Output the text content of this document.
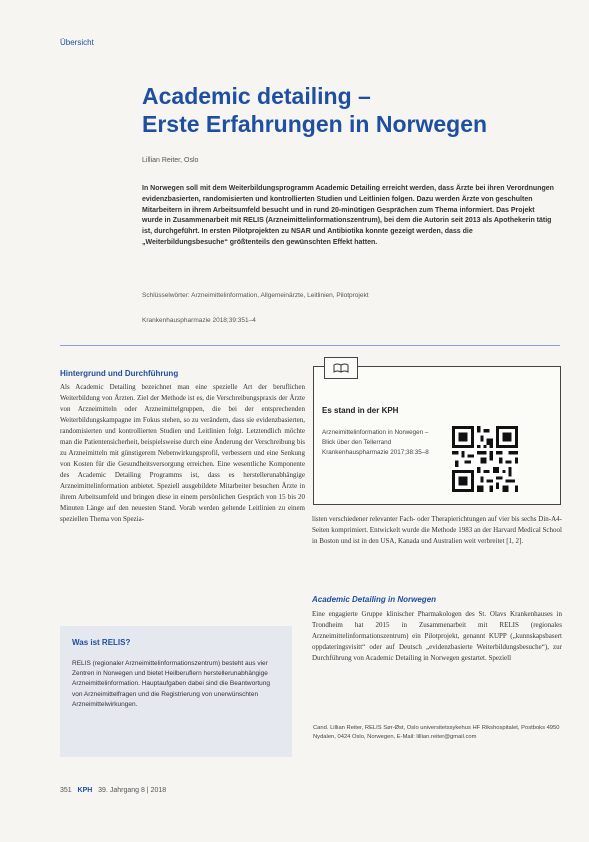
Übersicht
Academic detailing –
Erste Erfahrungen in Norwegen
Lillian Reiter, Oslo
In Norwegen soll mit dem Weiterbildungsprogramm Academic Detailing erreicht werden, dass Ärzte bei ihren Verordnungen evidenzbasierten, randomisierten und kontrollierten Studien und Leitlinien folgen. Dazu werden Ärzte von geschulten Mitarbeitern in ihrem Arbeitsumfeld besucht und in rund 20-minütigen Gesprächen zum Thema informiert. Das Projekt wurde in Zusammenarbeit mit RELIS (Arzneimittelinformationszentrum), bei dem die Autorin seit 2013 als Apothekerin tätig ist, durchgeführt. In ersten Pilotprojekten zu NSAR und Antibiotika konnte gezeigt werden, dass die „Weiterbildungsbesuche“ größtenteils den gewünschten Effekt hatten.
Schlüsselwörter: Arzneimittelinformation, Allgemeinärzte, Leitlinien, Pilotprojekt
Krankenhauspharmazie 2018;39:351–4
Hintergrund und Durchführung
Als Academic Detailing bezeichnet man eine spezielle Art der beruflichen Weiterbildung von Ärzten. Ziel der Methode ist es, die Verschreibungspraxis der Ärzte von Arzneimitteln oder Arzneimittelgruppen, die bei der entsprechenden Weiterbildungskampagne im Fokus stehen, so zu verändern, dass sie evidenzbasierten, randomisierten und kontrollierten Studien und Leitlinien folgt. Letztendlich möchte man die Patientensicherheit, beispielsweise durch eine Änderung der Verschreibung bis zu Arzneimitteln mit günstigerem Nebenwirkungsprofil, verbessern und eine Senkung von Kosten für die Gesundheitsversorgung erreichen. Eine wesentliche Komponente des Academic Detailing Programms ist, dass es herstellerunabhängige Arzneimittelinformation anbietet. Speziell ausgebildete Mitarbeiter besuchen Ärzte in ihrem Arbeitsumfeld und bringen diese in einem persönlichen Gespräch von 15 bis 20 Minuten Länge auf den neuesten Stand. Vorab werden geltende Leitlinien zu einem speziellen Thema von Spezia-
Es stand in der KPH
Arzneimittelinformation in Norwegen – Blick über den Tellerrand Krankenhauspharmazie 2017;38:35–8
listen verschiedener relevanter Fach- oder Therapierichtungen auf vier bis sechs Din-A4-Seiten komprimiert. Entwickelt wurde die Methode 1983 an der Harvard Medical School in Boston und ist in den USA, Kanada und Australien weit verbreitet [1, 2].
Academic Detailing in Norwegen
Eine engagierte Gruppe klinischer Pharmakologen des St. Olavs Krankenhauses in Trondheim hat 2015 in Zusammenarbeit mit RELIS (regionales Arzneimittelinformationszentrum) ein Pilotprojekt, genannt KUPP („kunnskapsbasert oppdateringsvisitt“ oder auf Deutsch „evidenzbasierte Weiterbildungsbesuche“), zur Durchführung von Academic Detailing in Norwegen gestartet. Speziell
Was ist RELIS?
RELIS (regionaler Arzneimittelinformationszentrum) besteht aus vier Zentren in Norwegen und bietet Heilberuflern herstellerunabhängige Arzneimittelinformation. Hauptaufgaben dabei sind die Beantwortung von Arzneimittelfragen und die Registrierung von unerwünschten Arzneimittelwirkungen.
Cand. Lillian Reiter, RELIS Sør-Øst, Oslo universitetssykehus HF Rikshospitalet, Postboks 4950 Nydalen, 0424 Oslo, Norwegen, E-Mail: lillian.reiter@gmail.com
351 KPH 39. Jahrgang 8 | 2018
